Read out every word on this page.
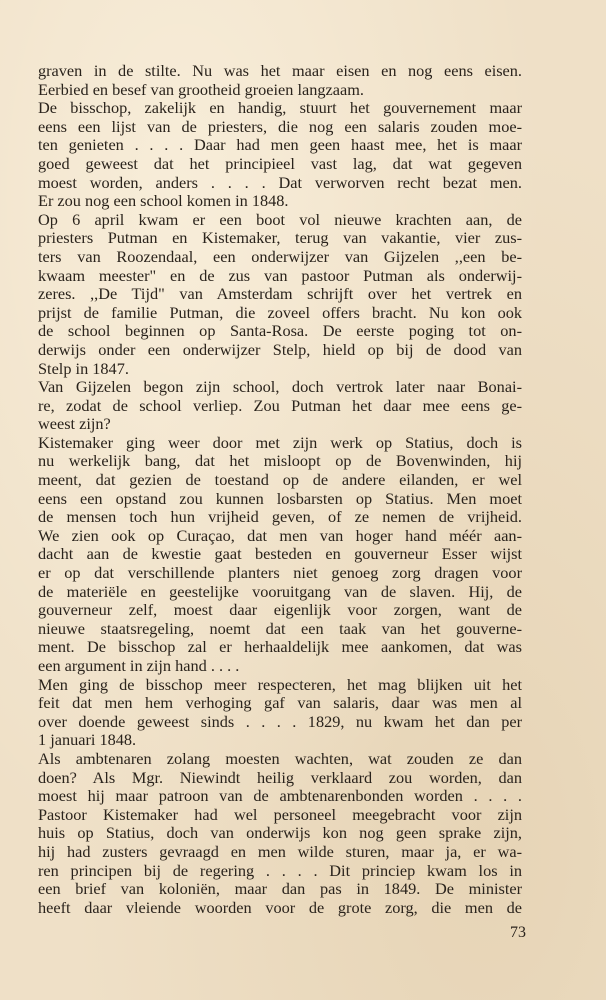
graven in de stilte. Nu was het maar eisen en nog eens eisen.
Eerbied en besef van grootheid groeien langzaam.
De bisschop, zakelijk en handig, stuurt het gouvernement maar
eens een lijst van de priesters, die nog een salaris zouden moe-
ten genieten . . . . Daar had men geen haast mee, het is maar
goed geweest dat het principieel vast lag, dat wat gegeven
moest worden, anders . . . . Dat verworven recht bezat men.
Er zou nog een school komen in 1848.
Op 6 april kwam er een boot vol nieuwe krachten aan, de
priesters Putman en Kistemaker, terug van vakantie, vier zus-
ters van Roozendaal, een onderwijzer van Gijzelen ,,een be-
kwaam meester" en de zus van pastoor Putman als onderwij-
zeres. ,,De Tijd" van Amsterdam schrijft over het vertrek en
prijst de familie Putman, die zoveel offers bracht. Nu kon ook
de school beginnen op Santa-Rosa. De eerste poging tot on-
derwijs onder een onderwijzer Stelp, hield op bij de dood van
Stelp in 1847.
Van Gijzelen begon zijn school, doch vertrok later naar Bonai-
re, zodat de school verliep. Zou Putman het daar mee eens ge-
weest zijn?
Kistemaker ging weer door met zijn werk op Statius, doch is
nu werkelijk bang, dat het misloopt op de Bovenwinden, hij
meent, dat gezien de toestand op de andere eilanden, er wel
eens een opstand zou kunnen losbarsten op Statius. Men moet
de mensen toch hun vrijheid geven, of ze nemen de vrijheid.
We zien ook op Curaçao, dat men van hoger hand méér aan-
dacht aan de kwestie gaat besteden en gouverneur Esser wijst
er op dat verschillende planters niet genoeg zorg dragen voor
de materiële en geestelijke vooruitgang van de slaven. Hij, de
gouverneur zelf, moest daar eigenlijk voor zorgen, want de
nieuwe staatsregeling, noemt dat een taak van het gouverne-
ment. De bisschop zal er herhaaldelijk mee aankomen, dat was
een argument in zijn hand . . . .
Men ging de bisschop meer respecteren, het mag blijken uit het
feit dat men hem verhoging gaf van salaris, daar was men al
over doende geweest sinds . . . . 1829, nu kwam het dan per
1 januari 1848.
Als ambtenaren zolang moesten wachten, wat zouden ze dan
doen? Als Mgr. Niewindt heilig verklaard zou worden, dan
moest hij maar patroon van de ambtenarenbonden worden . . . .
Pastoor Kistemaker had wel personeel meegebracht voor zijn
huis op Statius, doch van onderwijs kon nog geen sprake zijn,
hij had zusters gevraagd en men wilde sturen, maar ja, er wa-
ren principen bij de regering . . . . Dit princiep kwam los in
een brief van koloniën, maar dan pas in 1849. De minister
heeft daar vleiende woorden voor de grote zorg, die men de
73
